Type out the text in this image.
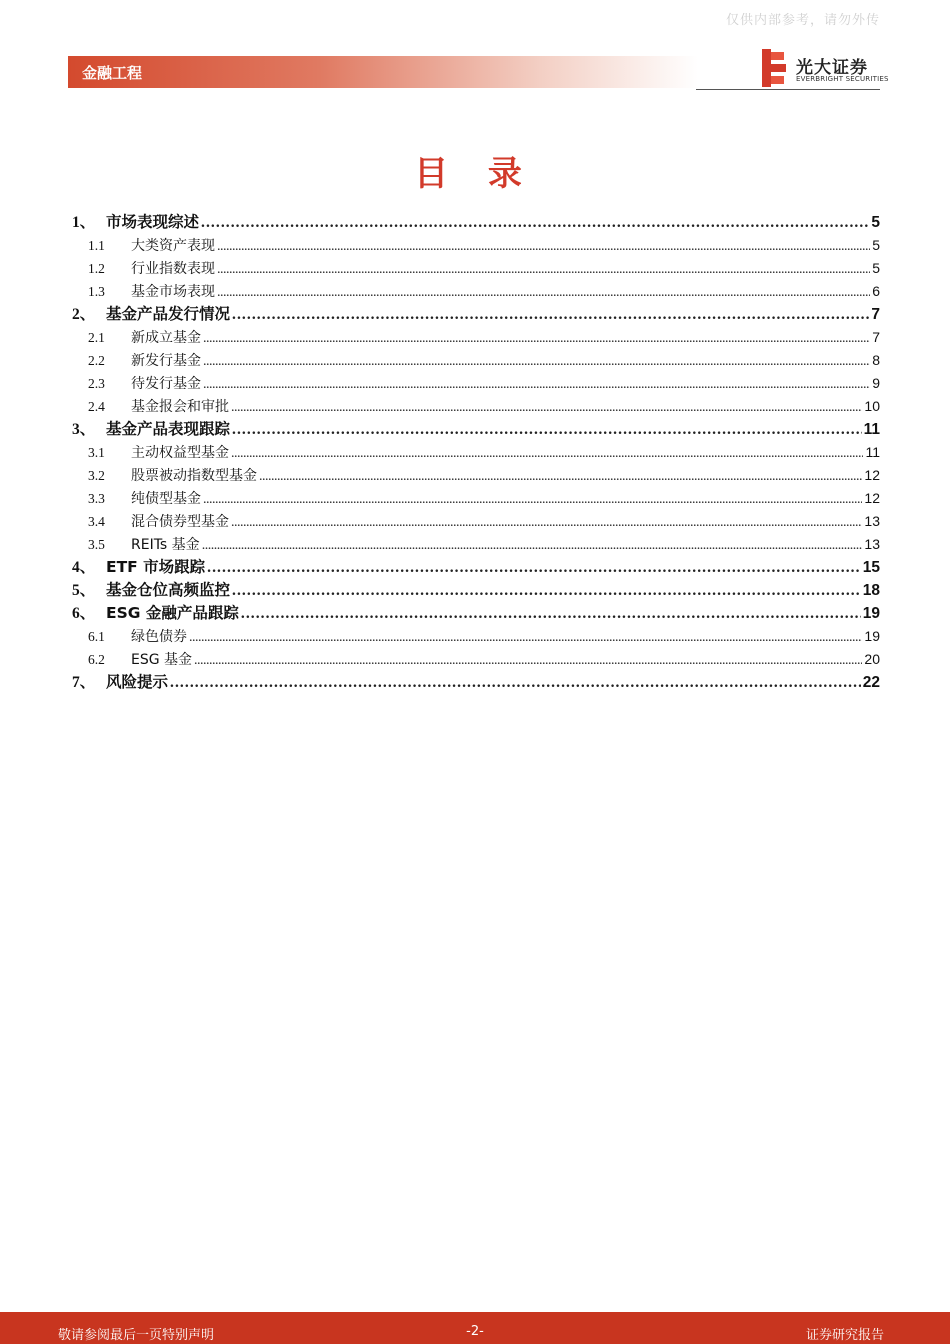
仅供内部参考，请勿外传
金融工程	光大证券
EVERBRIGHT SECURITIES
目 录
1、 市场表现综述 . . .	5
1.1	大类资产表现 . . .	5
1.2	行业指数表现 . . .	5
1.3	基金市场表现 . . .	6
2、 基金产品发行情况 . . .	7
2.1	新成立基金 . . .	7
2.2	新发行基金 . . .	8
2.3	待发行基金 . . .	9
2.4	基金报会和审批 . . .	10
3、 基金产品表现跟踪 . . .	11
3.1	主动权益型基金 . . .	11
3.2	股票被动指数型基金 . . .	12
3.3	纯债型基金 . . .	12
3.4	混合债券型基金 . . .	13
3.5	REITs 基金 . . .	13
4、 ETF 市场跟踪 . . .	15
5、 基金仓位高频监控 . . .	18
6、 ESG 金融产品跟踪 . . .	19
6.1	绿色债券 . . .	19
6.2	ESG 基金 . . .	20
7、 风险提示 . . .	22
敬请参阅最后一页特别声明	-2-	证券研究报告
